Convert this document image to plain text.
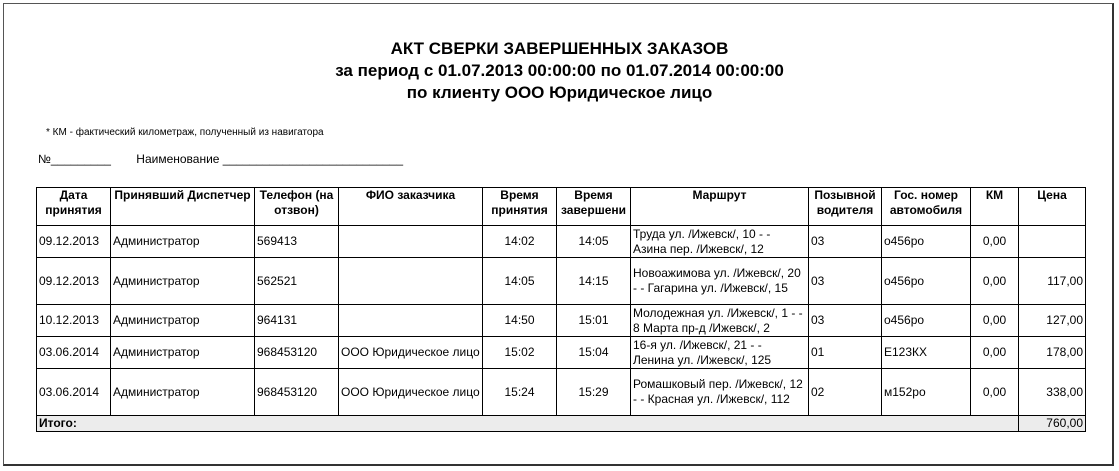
АКТ СВЕРКИ ЗАВЕРШЕННЫХ ЗАКАЗОВ
за период с 01.07.2013 00:00:00 по 01.07.2014 00:00:00
по клиенту ООО Юридическое лицо
* КМ - фактический километраж, полученный из навигатора
№_________ Наименование ___________________________
Дата принятия	Принявший Диспетчер	Телефон (на отзвон)	ФИО заказчика	Время принятия	Время завершени	Маршрут	Позывной водителя	Гос. номер автомобиля	КМ	Цена
09.12.2013	Администратор	569413		14:02	14:05	Труда ул. /Ижевск/, 10 - - Азина пер. /Ижевск/, 12	03	о456ро	0,00	
09.12.2013	Администратор	562521		14:05	14:15	Новоажимова ул. /Ижевск/, 20 - - Гагарина ул. /Ижевск/, 15	03	о456ро	0,00	117,00
10.12.2013	Администратор	964131		14:50	15:01	Молодежная ул. /Ижевск/, 1 - - 8 Марта пр-д /Ижевск/, 2	03	о456ро	0,00	127,00
03.06.2014	Администратор	968453120	ООО Юридическое лицо	15:02	15:04	16-я ул. /Ижевск/, 21 - - Ленина ул. /Ижевск/, 125	01	Е123КХ	0,00	178,00
03.06.2014	Администратор	968453120	ООО Юридическое лицо	15:24	15:29	Ромашковый пер. /Ижевск/, 12 - - Красная ул. /Ижевск/, 112	02	м152ро	0,00	338,00
Итого:										760,00
